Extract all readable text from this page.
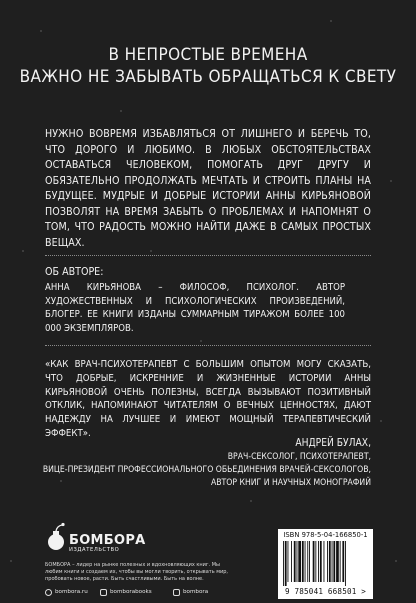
В НЕПРОСТЫЕ ВРЕМЕНА
ВАЖНО НЕ ЗАБЫВАТЬ ОБРАЩАТЬСЯ К СВЕТУ
НУЖНО ВОВРЕМЯ ИЗБАВЛЯТЬСЯ ОТ ЛИШНЕГО И БЕРЕЧЬ ТО, ЧТО ДОРОГО И ЛЮБИМО. В ЛЮБЫХ ОБСТОЯТЕЛЬСТВАХ ОСТАВАТЬСЯ ЧЕЛОВЕКОМ, ПОМОГАТЬ ДРУГ ДРУГУ И ОБЯЗАТЕЛЬНО ПРОДОЛЖАТЬ МЕЧТАТЬ И СТРОИТЬ ПЛАНЫ НА БУДУЩЕЕ. МУДРЫЕ И ДОБРЫЕ ИСТОРИИ АННЫ КИРЬЯНОВОЙ ПОЗВОЛЯТ НА ВРЕМЯ ЗАБЫТЬ О ПРОБЛЕМАХ И НАПОМНЯТ О ТОМ, ЧТО РАДОСТЬ МОЖНО НАЙТИ ДАЖЕ В САМЫХ ПРОСТЫХ ВЕЩАХ.
ОБ АВТОРЕ:
АННА КИРЬЯНОВА – ФИЛОСОФ, ПСИХОЛОГ. АВТОР ХУДОЖЕСТВЕННЫХ И ПСИХОЛОГИЧЕСКИХ ПРОИЗВЕДЕНИЙ, БЛОГЕР. ЕЕ КНИГИ ИЗДАНЫ СУММАРНЫМ ТИРАЖОМ БОЛЕЕ 100 000 ЭКЗЕМПЛЯРОВ.
«КАК ВРАЧ-ПСИХОТЕРАПЕВТ С БОЛЬШИМ ОПЫТОМ МОГУ СКАЗАТЬ, ЧТО ДОБРЫЕ, ИСКРЕННИЕ И ЖИЗНЕННЫЕ ИСТОРИИ АННЫ КИРЬЯНОВОЙ ОЧЕНЬ ПОЛЕЗНЫ, ВСЕГДА ВЫЗЫВАЮТ ПОЗИТИВНЫЙ ОТКЛИК, НАПОМИНАЮТ ЧИТАТЕЛЯМ О ВЕЧНЫХ ЦЕННОСТЯХ, ДАЮТ НАДЕЖДУ НА ЛУЧШЕЕ И ИМЕЮТ МОЩНЫЙ ТЕРАПЕВТИЧЕСКИЙ ЭФФЕКТ».
АНДРЕЙ БУЛАХ,
ВРАЧ-СЕКСОЛОГ, ПСИХОТЕРАПЕВТ,
ВИЦЕ-ПРЕЗИДЕНТ ПРОФЕССИОНАЛЬНОГО ОБЬЕДИНЕНИЯ ВРАЧЕЙ-СЕКСОЛОГОВ,
АВТОР КНИГ И НАУЧНЫХ МОНОГРАФИЙ
БОМБОРА
ИЗДАТЕЛЬСТВО
БОМБОРА – лидер на рынке полезных и вдохновляющих книг. Мы любим книги и создаем их, чтобы вы могли творить, открывать мир, пробовать новое, расти. Быть счастливыми. Быть на волне.
bombora.ru	bomborabooks	bombora
ISBN 978-5-04-166850-1
9 785041 668501 >
